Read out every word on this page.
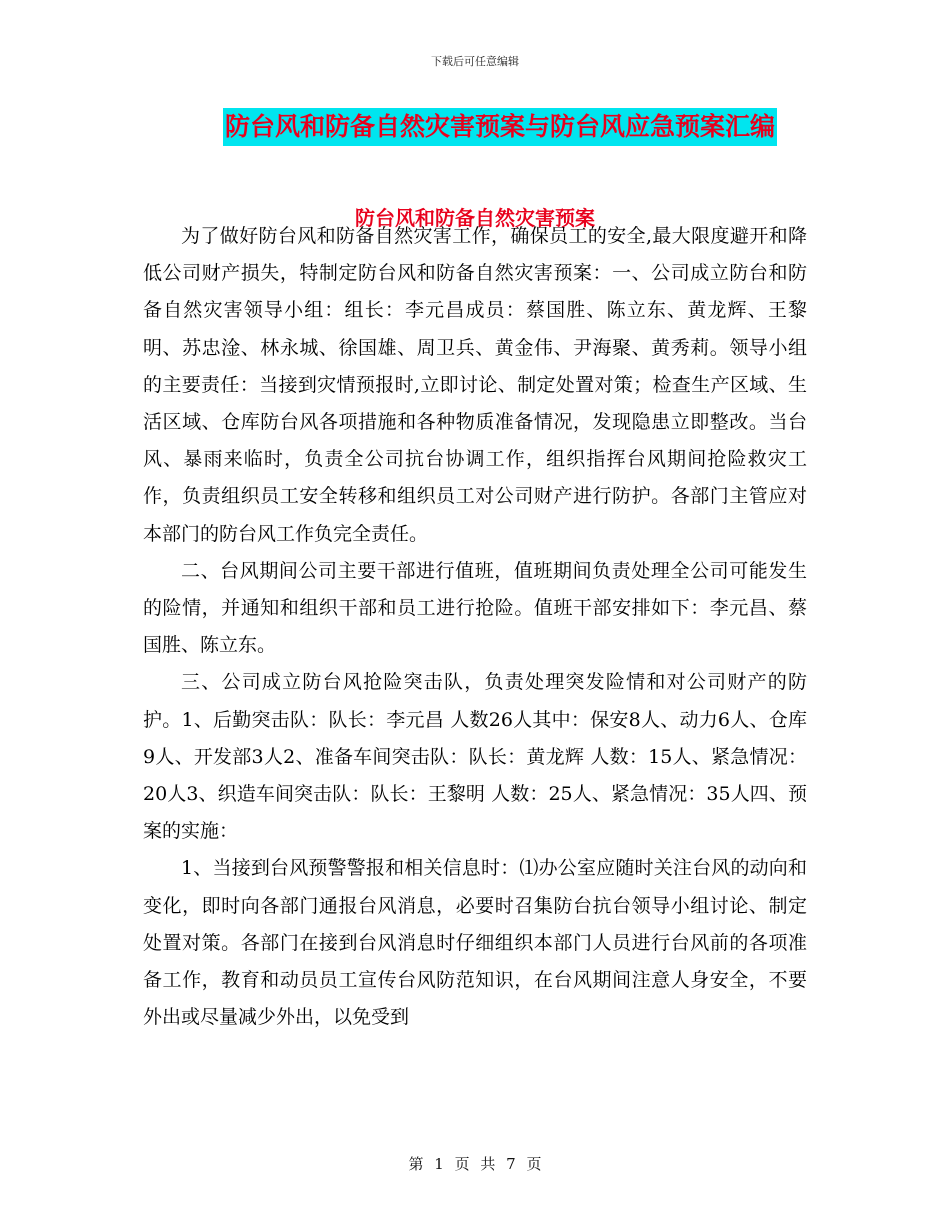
下载后可任意编辑
防台风和防备自然灾害预案与防台风应急预案汇编
防台风和防备自然灾害预案

为了做好防台风和防备自然灾害工作，确保员工的安全,最大限度避开和降低公司财产损失，特制定防台风和防备自然灾害预案：一、公司成立防台和防备自然灾害领导小组：组长：李元昌成员：蔡国胜、陈立东、黄龙辉、王黎明、苏忠淦、林永城、徐国雄、周卫兵、黄金伟、尹海聚、黄秀莉。领导小组的主要责任：当接到灾情预报时,立即讨论、制定处置对策；检查生产区域、生活区域、仓库防台风各项措施和各种物质准备情况，发现隐患立即整改。当台风、暴雨来临时，负责全公司抗台协调工作，组织指挥台风期间抢险救灾工作，负责组织员工安全转移和组织员工对公司财产进行防护。各部门主管应对本部门的防台风工作负完全责任。

二、台风期间公司主要干部进行值班，值班期间负责处理全公司可能发生的险情，并通知和组织干部和员工进行抢险。值班干部安排如下：李元昌、蔡国胜、陈立东。

三、公司成立防台风抢险突击队，负责处理突发险情和对公司财产的防护。1、后勤突击队：队长：李元昌 人数26人其中：保安8人、动力6人、仓库9人、开发部3人2、准备车间突击队：队长：黄龙辉 人数：15人、紧急情况：20人3、织造车间突击队：队长：王黎明 人数：25人、紧急情况：35人四、预案的实施：

1、当接到台风预警警报和相关信息时：⑴办公室应随时关注台风的动向和变化，即时向各部门通报台风消息，必要时召集防台抗台领导小组讨论、制定处置对策。各部门在接到台风消息时仔细组织本部门人员进行台风前的各项准备工作，教育和动员员工宣传台风防范知识，在台风期间注意人身安全，不要外出或尽量减少外出，以免受到

第 1 页 共 7 页
